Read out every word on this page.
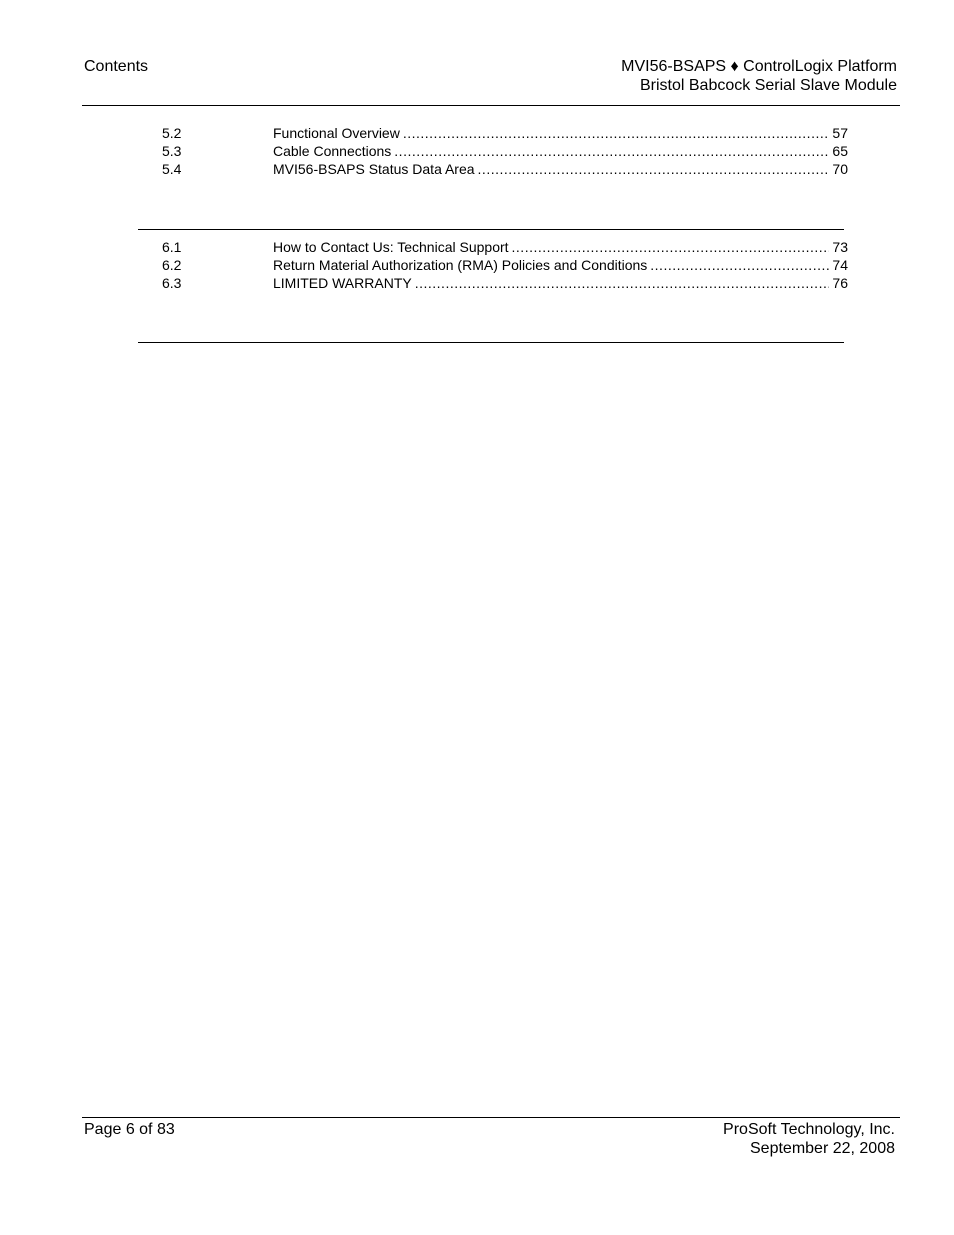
Contents	MVI56-BSAPS ♦ ControlLogix Platform
Bristol Babcock Serial Slave Module
5.2	Functional Overview .....	57
5.3	Cable Connections .....	65
5.4	MVI56-BSAPS Status Data Area .....	70
6.1	How to Contact Us: Technical Support .....	73
6.2	Return Material Authorization (RMA) Policies and Conditions .....	74
6.3	LIMITED WARRANTY .....	76
Page 6 of 83	ProSoft Technology, Inc.
September 22, 2008
